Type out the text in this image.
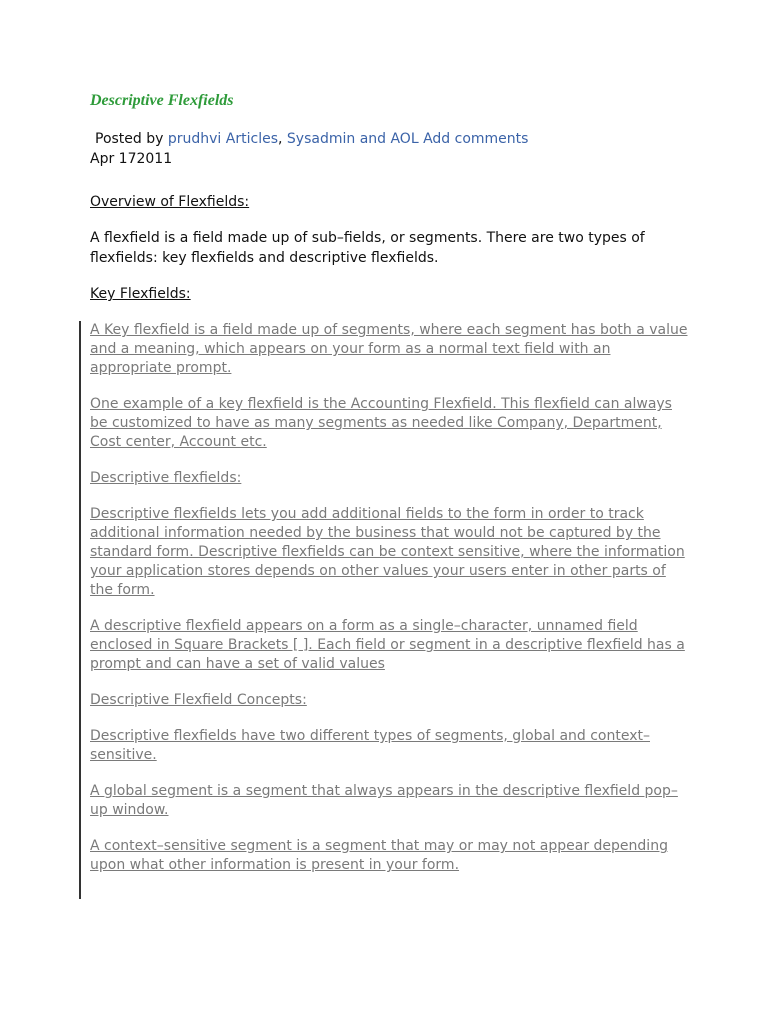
Descriptive Flexfields

Posted by prudhvi Articles, Sysadmin and AOL Add comments

Apr 172011

Overview of Flexfields:

A flexfield is a field made up of sub–fields, or segments. There are two types of flexfields: key flexfields and descriptive flexfields.

Key Flexfields:

A Key flexfield is a field made up of segments, where each segment has both a value and a meaning, which appears on your form as a normal text field with an appropriate prompt.

One example of a key flexfield is the Accounting Flexfield. This flexfield can always be customized to have as many segments as needed like Company, Department, Cost center, Account etc.

Descriptive flexfields:

Descriptive flexfields lets you add additional fields to the form in order to track additional information needed by the business that would not be captured by the standard form. Descriptive flexfields can be context sensitive, where the information your application stores depends on other values your users enter in other parts of the form.

A descriptive flexfield appears on a form as a single–character, unnamed field enclosed in Square Brackets [ ]. Each field or segment in a descriptive flexfield has a prompt and can have a set of valid values

Descriptive Flexfield Concepts:

Descriptive flexfields have two different types of segments, global and context–sensitive.

A global segment is a segment that always appears in the descriptive flexfield pop–up window.

A context–sensitive segment is a segment that may or may not appear depending upon what other information is present in your form.
